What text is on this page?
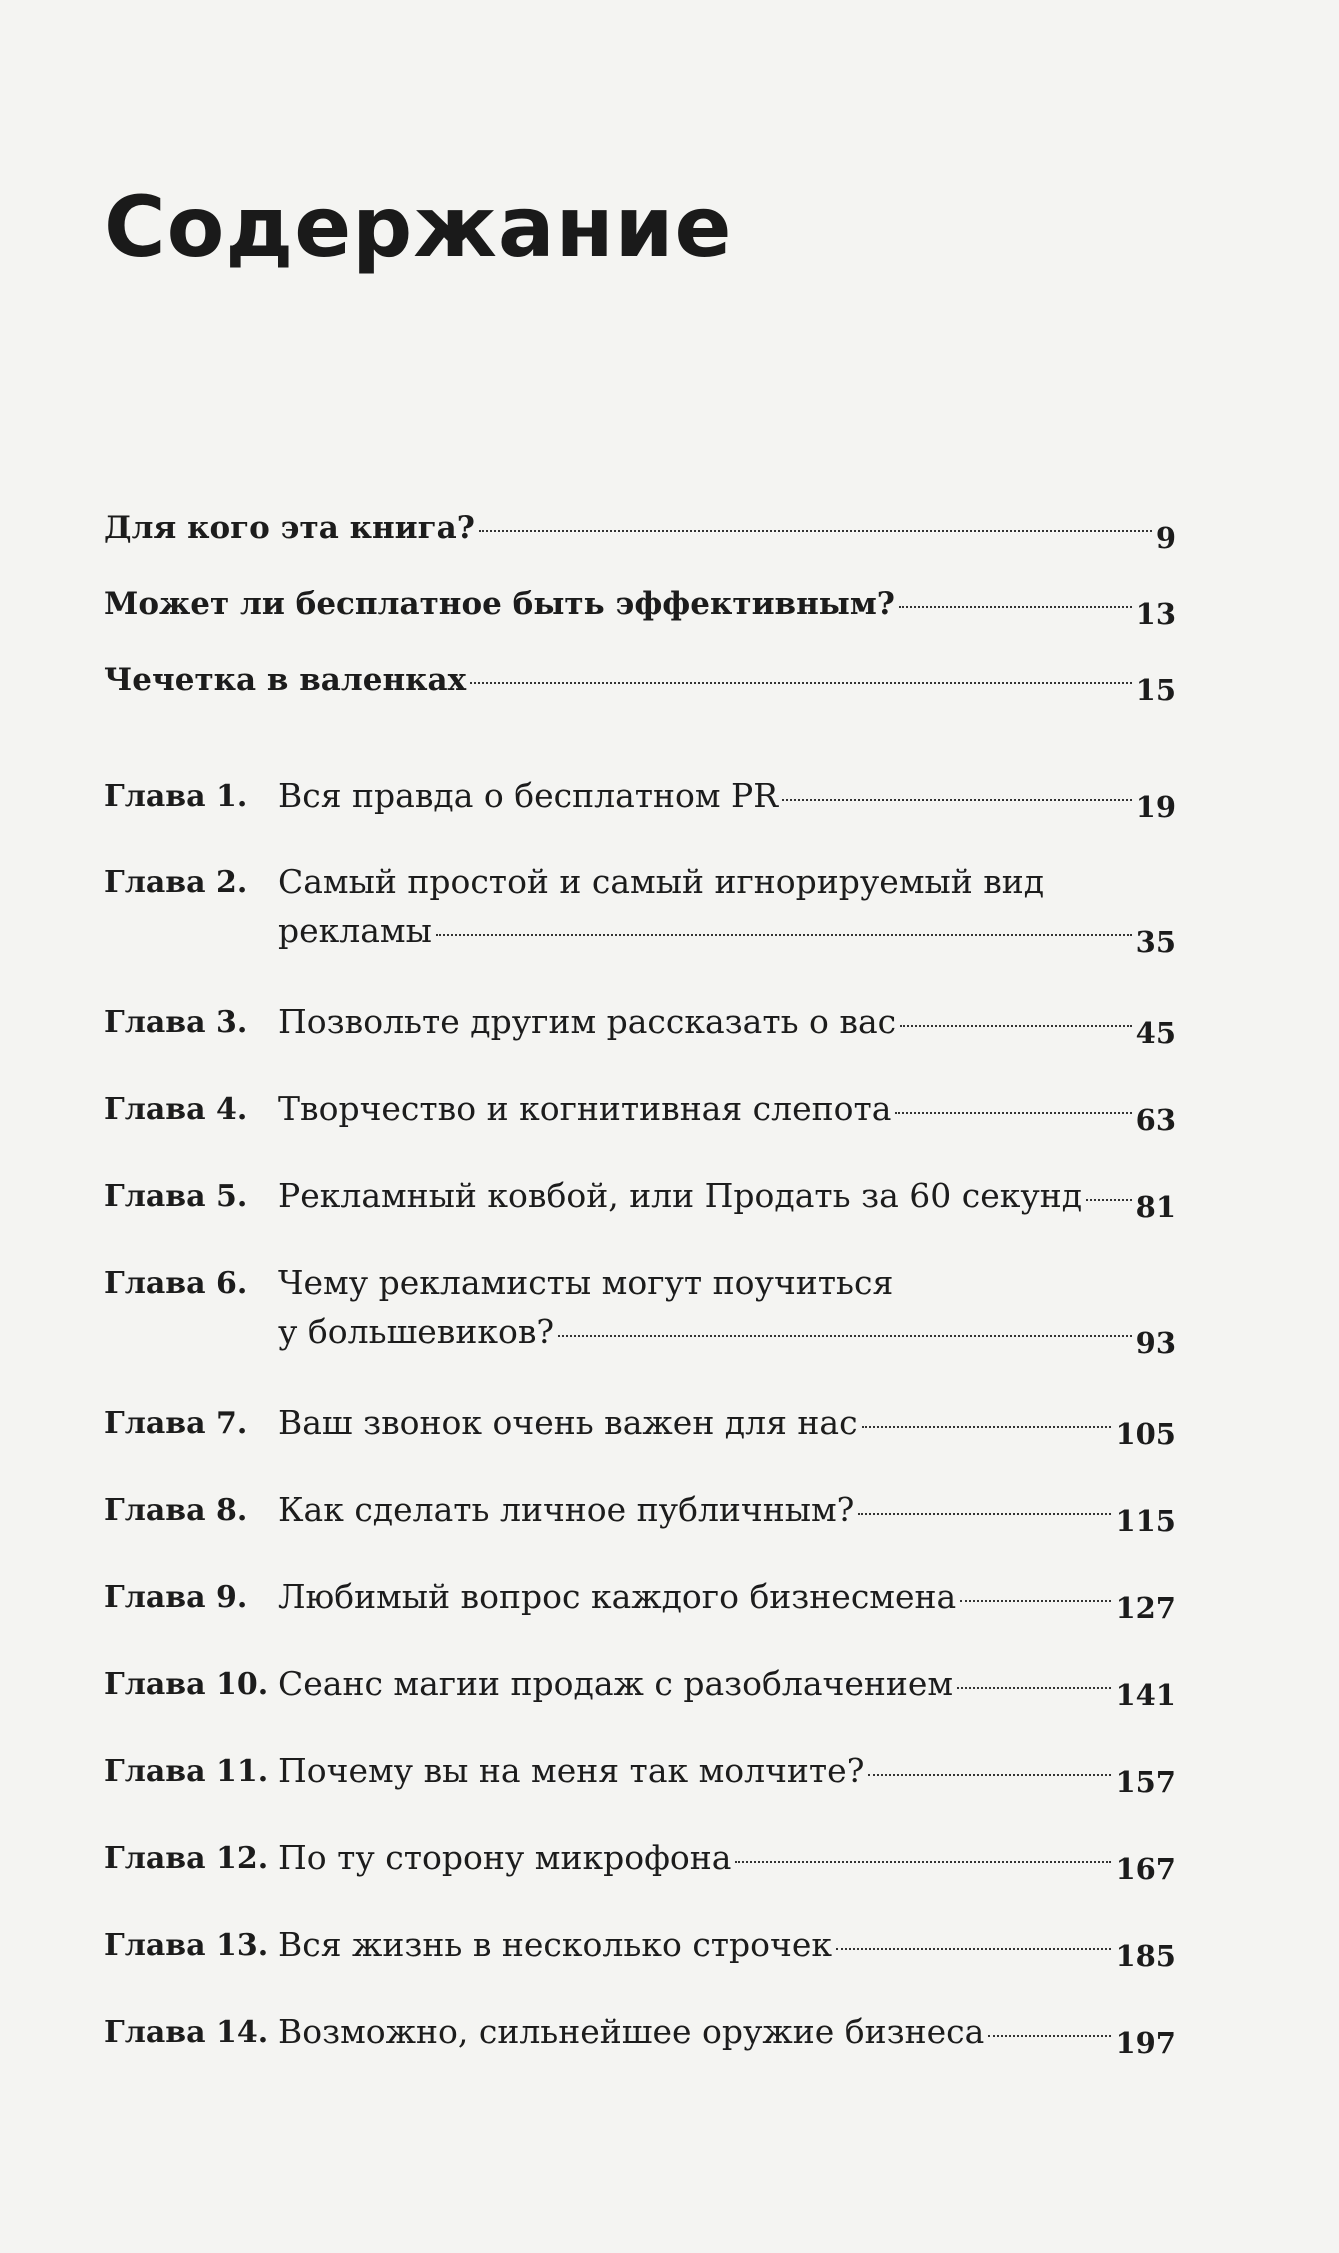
Содержание
Для кого эта книга?	9
Может ли бесплатное быть эффективным?	13
Чечетка в валенках	15
Глава 1. Вся правда о бесплатном PR	19
Глава 2. Самый простой и самый игнорируемый вид
рекламы	35
Глава 3. Позвольте другим рассказать о вас	45
Глава 4. Творчество и когнитивная слепота	63
Глава 5. Рекламный ковбой, или Продать за 60 секунд 81
Глава 6. Чему рекламисты могут поучиться
у большевиков?	93
Глава 7. Ваш звонок очень важен для нас	105
Глава 8. Как сделать личное публичным?	115
Глава 9. Любимый вопрос каждого бизнесмена	127
Глава 10. Сеанс магии продаж с разоблачением	141
Глава 11. Почему вы на меня так молчите?	157
Глава 12. По ту сторону микрофона	167
Глава 13. Вся жизнь в несколько строчек	185
Глава 14. Возможно, сильнейшее оружие бизнеса	197
